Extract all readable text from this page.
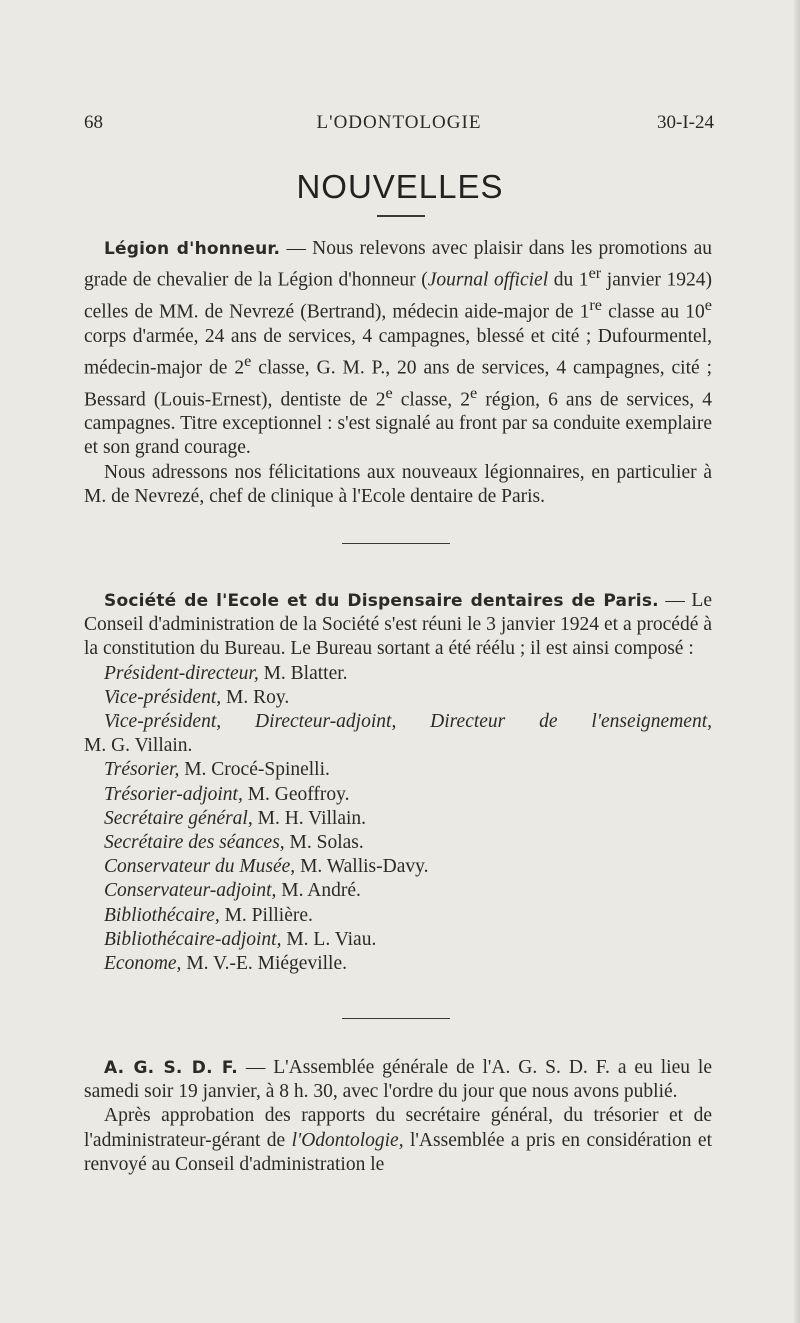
68	L'ODONTOLOGIE	30-I-24
NOUVELLES

Légion d'honneur. — Nous relevons avec plaisir dans les promotions au grade de chevalier de la Légion d'honneur (Journal officiel du 1er janvier 1924) celles de MM. de Nevrezé (Bertrand), médecin aide-major de 1re classe au 10e corps d'armée, 24 ans de services, 4 campagnes, blessé et cité ; Dufourmentel, médecin-major de 2e classe, G. M. P., 20 ans de services, 4 campagnes, cité ; Bessard (Louis-Ernest), dentiste de 2e classe, 2e région, 6 ans de services, 4 campagnes. Titre exceptionnel : s'est signalé au front par sa conduite exemplaire et son grand courage.

Nous adressons nos félicitations aux nouveaux légionnaires, en particulier à M. de Nevrezé, chef de clinique à l'Ecole dentaire de Paris.

Société de l'Ecole et du Dispensaire dentaires de Paris. — Le Conseil d'administration de la Société s'est réuni le 3 janvier 1924 et a procédé à la constitution du Bureau. Le Bureau sortant a été réélu ; il est ainsi composé :

Président-directeur, M. Blatter.

Vice-président, M. Roy.

Vice-président, Directeur-adjoint, Directeur de l'enseignement,

M. G. Villain.

Trésorier, M. Crocé-Spinelli.

Trésorier-adjoint, M. Geoffroy.

Secrétaire général, M. H. Villain.

Secrétaire des séances, M. Solas.

Conservateur du Musée, M. Wallis-Davy.

Conservateur-adjoint, M. André.

Bibliothécaire, M. Pillière.

Bibliothécaire-adjoint, M. L. Viau.

Econome, M. V.-E. Miégeville.

A. G. S. D. F. — L'Assemblée générale de l'A. G. S. D. F. a eu lieu le samedi soir 19 janvier, à 8 h. 30, avec l'ordre du jour que nous avons publié.

Après approbation des rapports du secrétaire général, du trésorier et de l'administrateur-gérant de l'Odontologie, l'Assemblée a pris en considération et renvoyé au Conseil d'administration le
